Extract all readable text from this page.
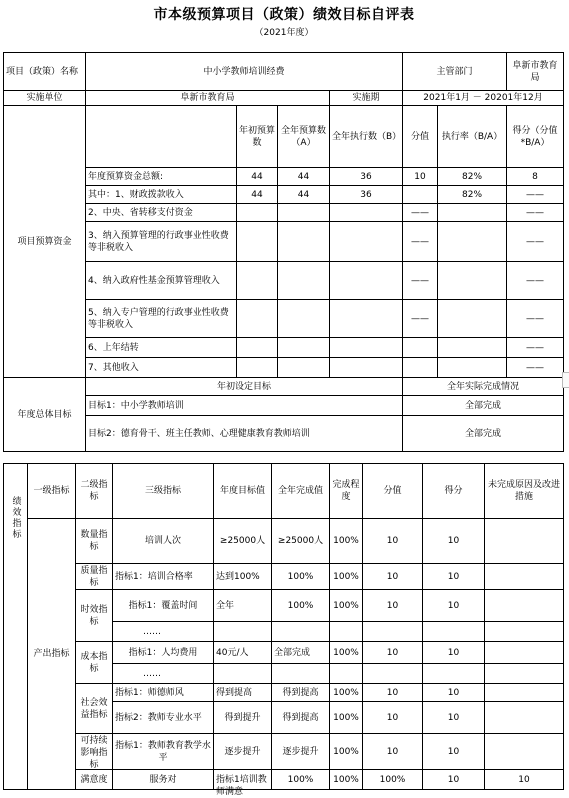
市本级预算项目（政策）绩效目标自评表
（2021年度）
项目（政策）名称	中小学教师培训经费				主管部门		阜新市教育局
实施单位	阜新市教育局			实施期	2021年1月 － 20201年12月		
项目预算资金		年初预算数	全年预算数（A）	全年执行数（B）	分值	执行率（B/A）	得分（分值*B/A）
	年度预算资金总额:	44	44	36	10	82%	8
	其中：1、财政拨款收入	44	44	36		82%	——
	2、中央、省转移支付资金				——		——
	3、纳入预算管理的行政事业性收费等非税收入				——		——
	4、纳入政府性基金预算管理收入				——		——
	5、纳入专户管理的行政事业性收费等非税收入				——		——
	6、上年结转						——
	7、其他收入						——
年度总体目标	年初设定目标				全年实际完成情况		
	目标1：中小学教师培训				全部完成		
	目标2：德育骨干、班主任教师、心理健康教育教师培训				全部完成		
绩效指标	一级指标	二级指标	三级指标	年度目标值	全年完成值	完成程度	分值	得分	未完成原因及改进措施	
	产出指标	数量指标	培训人次	≥25000人	≥25000人	100%	10	10		

		质量指标	指标1：培训合格率	达到100%	100%	100%	10	10		
		时效指标	指标1：覆盖时间	全年	100%	100%	10	10		
			……							
		成本指标	指标1：人均费用	40元/人	全部完成	100%	10	10		
			……							
		社会效益指标	指标1：师德师风	得到提高	得到提高	100%	10	10		
			指标2：教师专业水平	得到提升	得到提高	100%	10	10		

		可持续影响指标	指标1：教师教育教学水平	逐步提升	逐步提升	100%	10	10		
		满意度	服务对	指标1培训教师满意	100%	100%	100%	10	10	
